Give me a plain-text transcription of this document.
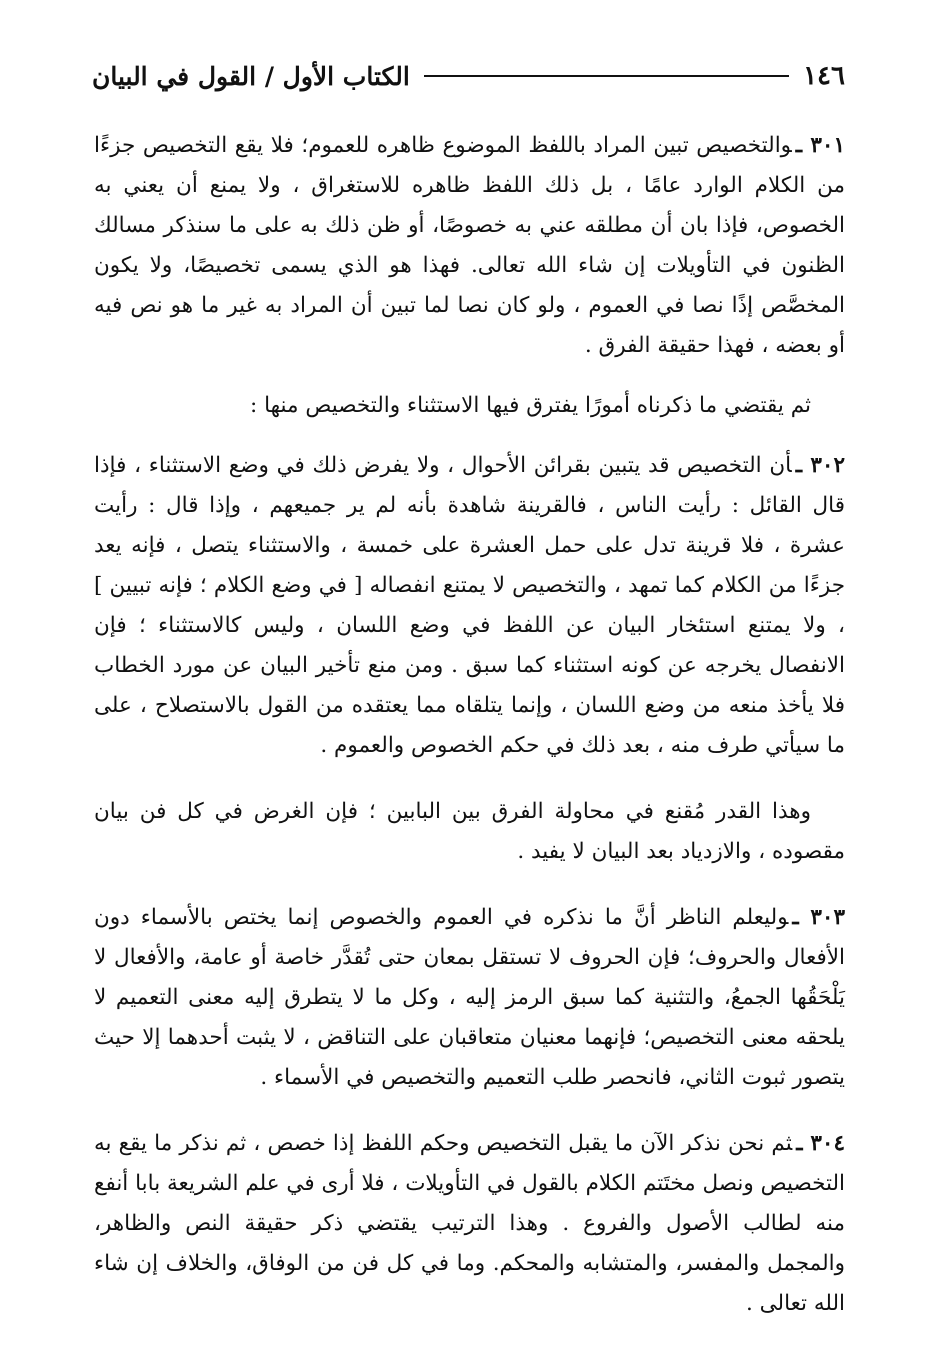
١٤٦
الكتاب الأول / القول في البيان

٣٠١ ـوالتخصيص تبين المراد باللفظ الموضوع ظاهره للعموم؛ فلا يقع التخصيص جزءًا من الكلام الوارد عامًا ، بل ذلك اللفظ ظاهره للاستغراق ، ولا يمنع أن يعني به الخصوص، فإذا بان أن مطلقه عني به خصوصًا، أو ظن ذلك به على ما سنذكر مسالك الظنون في التأويلات إن شاء الله تعالى. فهذا هو الذي يسمى تخصيصًا، ولا يكون المخصَّص إذًا نصا في العموم ، ولو كان نصا لما تبين أن المراد به غير ما هو نص فيه أو بعضه ، فهذا حقيقة الفرق .

ثم يقتضي ما ذكرناه أمورًا يفترق فيها الاستثناء والتخصيص منها :

٣٠٢ ـأن التخصيص قد يتبين بقرائن الأحوال ، ولا يفرض ذلك في وضع الاستثناء ، فإذا قال القائل : رأيت الناس ، فالقرينة شاهدة بأنه لم ير جميعهم ، وإذا قال : رأيت عشرة ، فلا قرينة تدل على حمل العشرة على خمسة ، والاستثناء يتصل ، فإنه يعد جزءًا من الكلام كما تمهد ، والتخصيص لا يمتنع انفصاله [ في وضع الكلام ؛ فإنه تبيين ] ، ولا يمتنع استئخار البيان عن اللفظ في وضع اللسان ، وليس كالاستثناء ؛ فإن الانفصال يخرجه عن كونه استثناء كما سبق . ومن منع تأخير البيان عن مورد الخطاب فلا يأخذ منعه من وضع اللسان ، وإنما يتلقاه مما يعتقده من القول بالاستصلاح ، على ما سيأتي طرف منه ، بعد ذلك في حكم الخصوص والعموم .

وهذا القدر مُقنع في محاولة الفرق بين البابين ؛ فإن الغرض في كل فن بيان مقصوده ، والازدياد بعد البيان لا يفيد .

٣٠٣ ـوليعلم الناظر أنَّ ما نذكره في العموم والخصوص إنما يختص بالأسماء دون الأفعال والحروف؛ فإن الحروف لا تستقل بمعان حتى تُقدَّر خاصة أو عامة، والأفعال لا يَلْحَقُها الجمعُ، والتثنية كما سبق الرمز إليه ، وكل ما لا يتطرق إليه معنى التعميم لا يلحقه معنى التخصيص؛ فإنهما معنيان متعاقبان على التناقض ، لا يثبت أحدهما إلا حيث يتصور ثبوت الثاني، فانحصر طلب التعميم والتخصيص في الأسماء .

٣٠٤ ـثم نحن نذكر الآن ما يقبل التخصيص وحكم اللفظ إذا خصص ، ثم نذكر ما يقع به التخصيص ونصل مختَتم الكلام بالقول في التأويلات ، فلا أرى في علم الشريعة بابا أنفع منه لطالب الأصول والفروع . وهذا الترتيب يقتضي ذكر حقيقة النص والظاهر، والمجمل والمفسر، والمتشابه والمحكم. وما في كل فن من الوفاق، والخلاف إن شاء الله تعالى .
